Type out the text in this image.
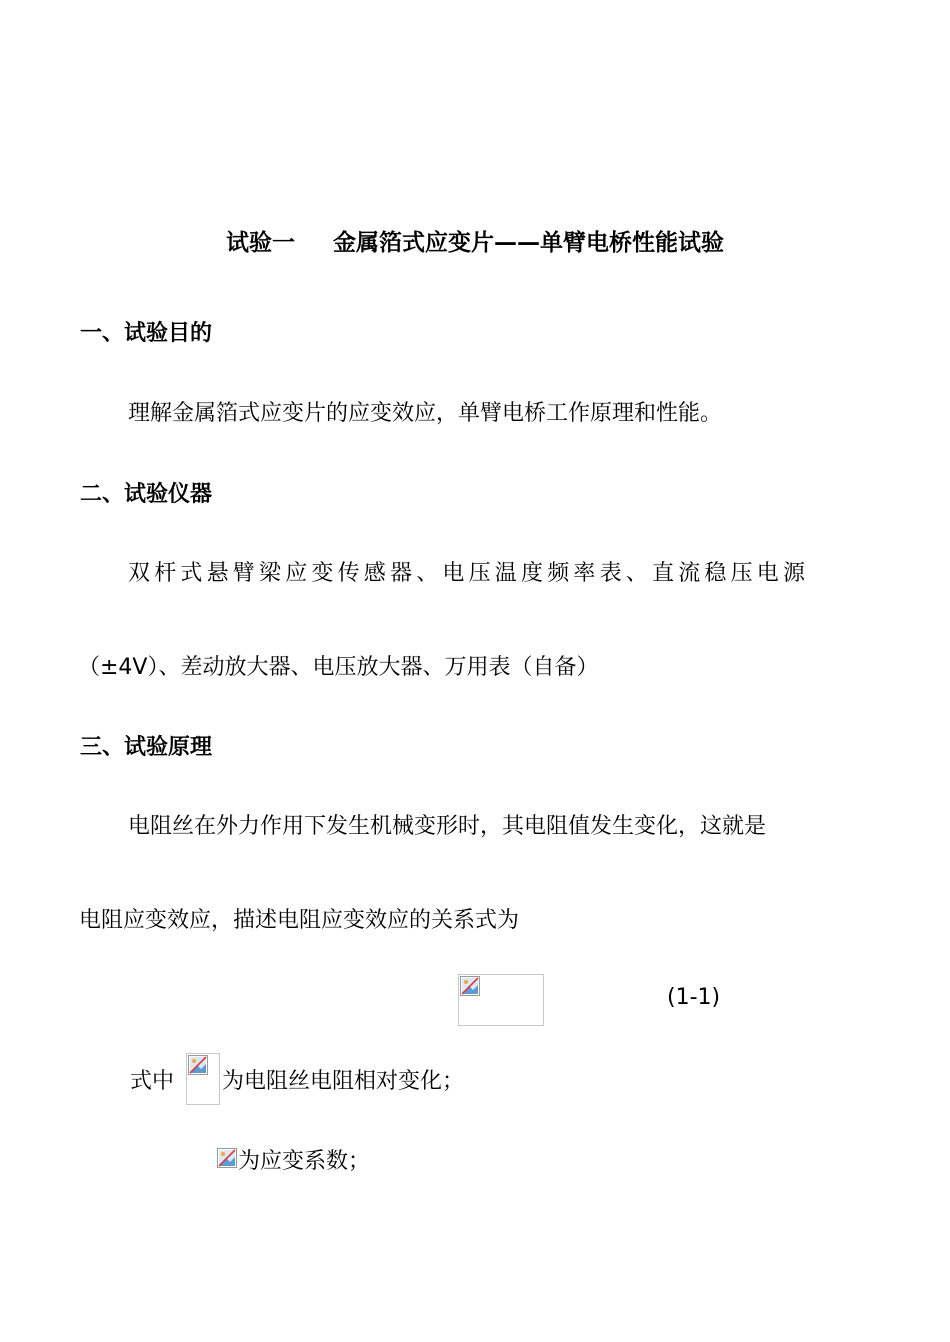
试验一 金属箔式应变片——单臂电桥性能试验
一、试验目的
理解金属箔式应变片的应变效应，单臂电桥工作原理和性能。
二、试验仪器
双杆式悬臂梁应变传感器、电压温度频率表、直流稳压电源
（±4V）、差动放大器、电压放大器、万用表（自备）
三、试验原理
电阻丝在外力作用下发生机械变形时，其电阻值发生变化，这就是
电阻应变效应，描述电阻应变效应的关系式为
(1-1)
式中 为电阻丝电阻相对变化；
为应变系数；
